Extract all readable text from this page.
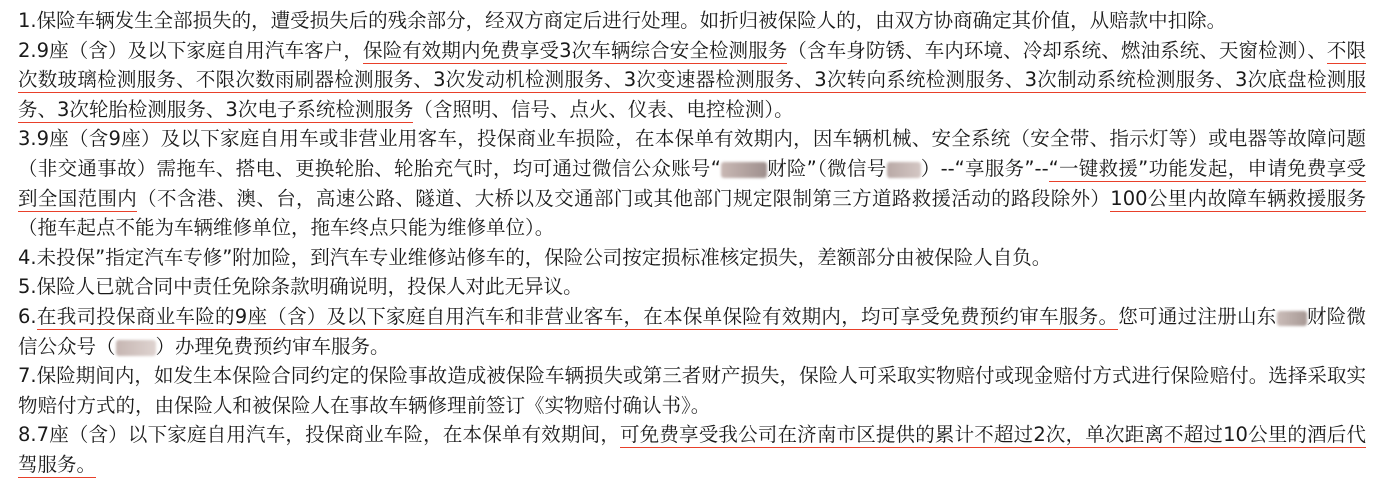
1.保险车辆发生全部损失的，遭受损失后的残余部分，经双方商定后进行处理。如折归被保险人的，由双方协商确定其价值，从赔款中扣除。
2.9座（含）及以下家庭自用汽车客户，保险有效期内免费享受3次车辆综合安全检测服务（含车身防锈、车内环境、冷却系统、燃油系统、天窗检测）、不限次数玻璃检测服务、不限次数雨刷器检测服务、3次发动机检测服务、3次变速器检测服务、3次转向系统检测服务、3次制动系统检测服务、3次底盘检测服务、3次轮胎检测服务、3次电子系统检测服务（含照明、信号、点火、仪表、电控检测）。
3.9座（含9座）及以下家庭自用车或非营业用客车，投保商业车损险，在本保单有效期内，因车辆机械、安全系统（安全带、指示灯等）或电器等故障问题（非交通事故）需拖车、搭电、更换轮胎、轮胎充气时，均可通过微信公众账号“ 财险”（微信号 ）--“享服务”--“一键救援”功能发起，申请免费享受到全国范围内（不含港、澳、台，高速公路、隧道、大桥以及交通部门或其他部门规定限制第三方道路救援活动的路段除外）100公里内故障车辆救援服务（拖车起点不能为车辆维修单位，拖车终点只能为维修单位）。
4.未投保”指定汽车专修”附加险，到汽车专业维修站修车的，保险公司按定损标准核定损失，差额部分由被保险人自负。
5.保险人已就合同中责任免除条款明确说明，投保人对此无异议。
6.在我司投保商业车险的9座（含）及以下家庭自用汽车和非营业客车，在本保单保险有效期内，均可享受免费预约审车服务。您可通过注册山东 财险微信公众号（ ）办理免费预约审车服务。
7.保险期间内，如发生本保险合同约定的保险事故造成被保险车辆损失或第三者财产损失，保险人可采取实物赔付或现金赔付方式进行保险赔付。选择采取实物赔付方式的，由保险人和被保险人在事故车辆修理前签订《实物赔付确认书》。
8.7座（含）以下家庭自用汽车，投保商业车险，在本保单有效期间，可免费享受我公司在济南市区提供的累计不超过2次，单次距离不超过10公里的酒后代驾服务。
